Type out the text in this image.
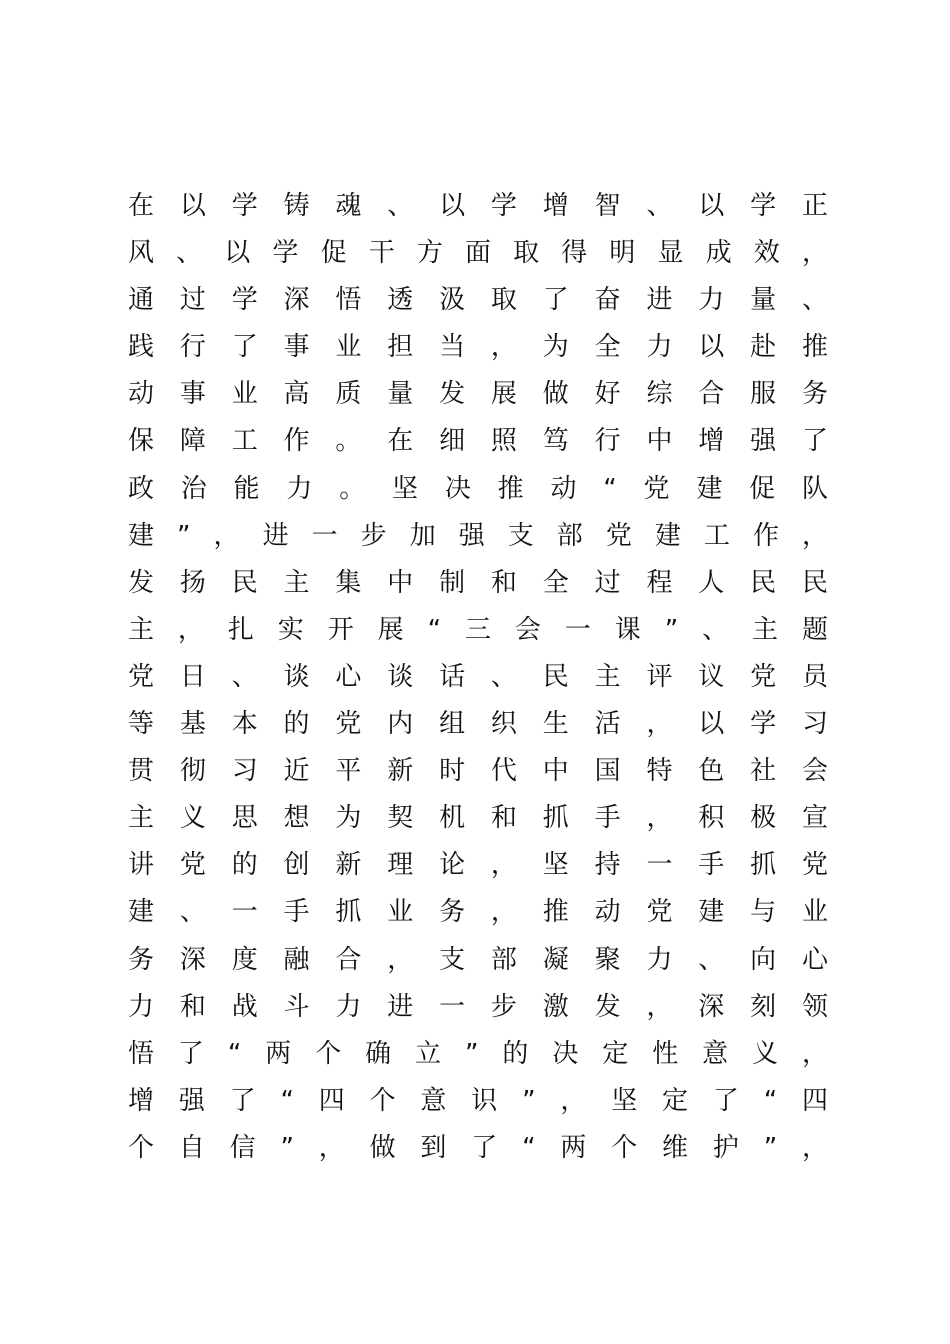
在以学铸魂、以学增智、以学正
风、以学促干方面取得明显成效，
通过学深悟透汲取了奋进力量、
践行了事业担当，为全力以赴推
动事业高质量发展做好综合服务
保障工作。在细照笃行中增强了
政治能力。坚决推动“党建促队
建”，进一步加强支部党建工作，
发扬民主集中制和全过程人民民
主，扎实开展“三会一课”、主题
党日、谈心谈话、民主评议党员
等基本的党内组织生活，以学习
贯彻习近平新时代中国特色社会
主义思想为契机和抓手，积极宣
讲党的创新理论，坚持一手抓党
建、一手抓业务，推动党建与业
务深度融合，支部凝聚力、向心
力和战斗力进一步激发，深刻领
悟了“两个确立”的决定性意义，
增强了“四个意识”，坚定了“四
个自信”，做到了“两个维护”，
